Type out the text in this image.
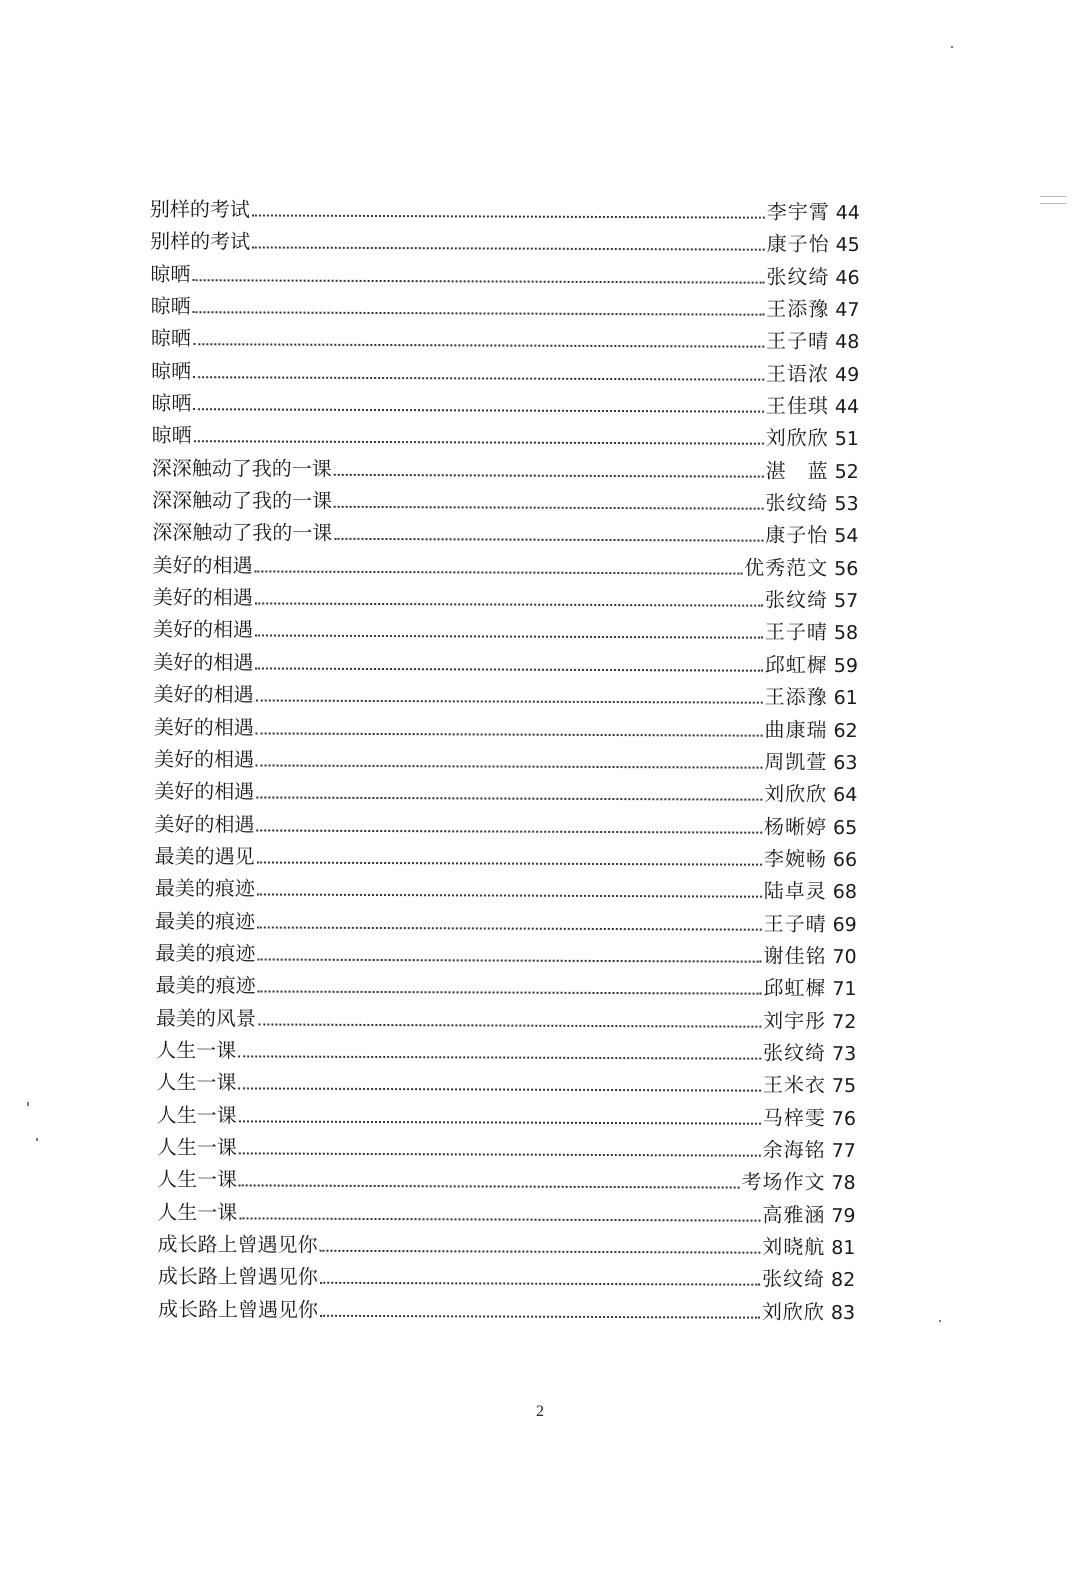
别样的考试	李宇霄 44
别样的考试	康子怡 45
晾晒	张纹绮 46
晾晒	王添豫 47
晾晒	王子晴 48
晾晒	王语浓 49
晾晒	王佳琪 44
晾晒	刘欣欣 51
深深触动了我的一课	湛　蓝 52
深深触动了我的一课	张纹绮 53
深深触动了我的一课	康子怡 54
美好的相遇	优秀范文 56
美好的相遇	张纹绮 57
美好的相遇	王子晴 58
美好的相遇	邱虹樨 59
美好的相遇	王添豫 61
美好的相遇	曲康瑞 62
美好的相遇	周凯萱 63
美好的相遇	刘欣欣 64
美好的相遇	杨晰婷 65
最美的遇见	李婉畅 66
最美的痕迹	陆卓灵 68
最美的痕迹	王子晴 69
最美的痕迹	谢佳铭 70
最美的痕迹	邱虹樨 71
最美的风景	刘宇彤 72
人生一课	张纹绮 73
人生一课	王米衣 75
人生一课	马梓雯 76
人生一课	余海铭 77
人生一课	考场作文 78
人生一课	高雅涵 79
成长路上曾遇见你	刘晓航 81
成长路上曾遇见你	张纹绮 82
成长路上曾遇见你	刘欣欣 83
2
